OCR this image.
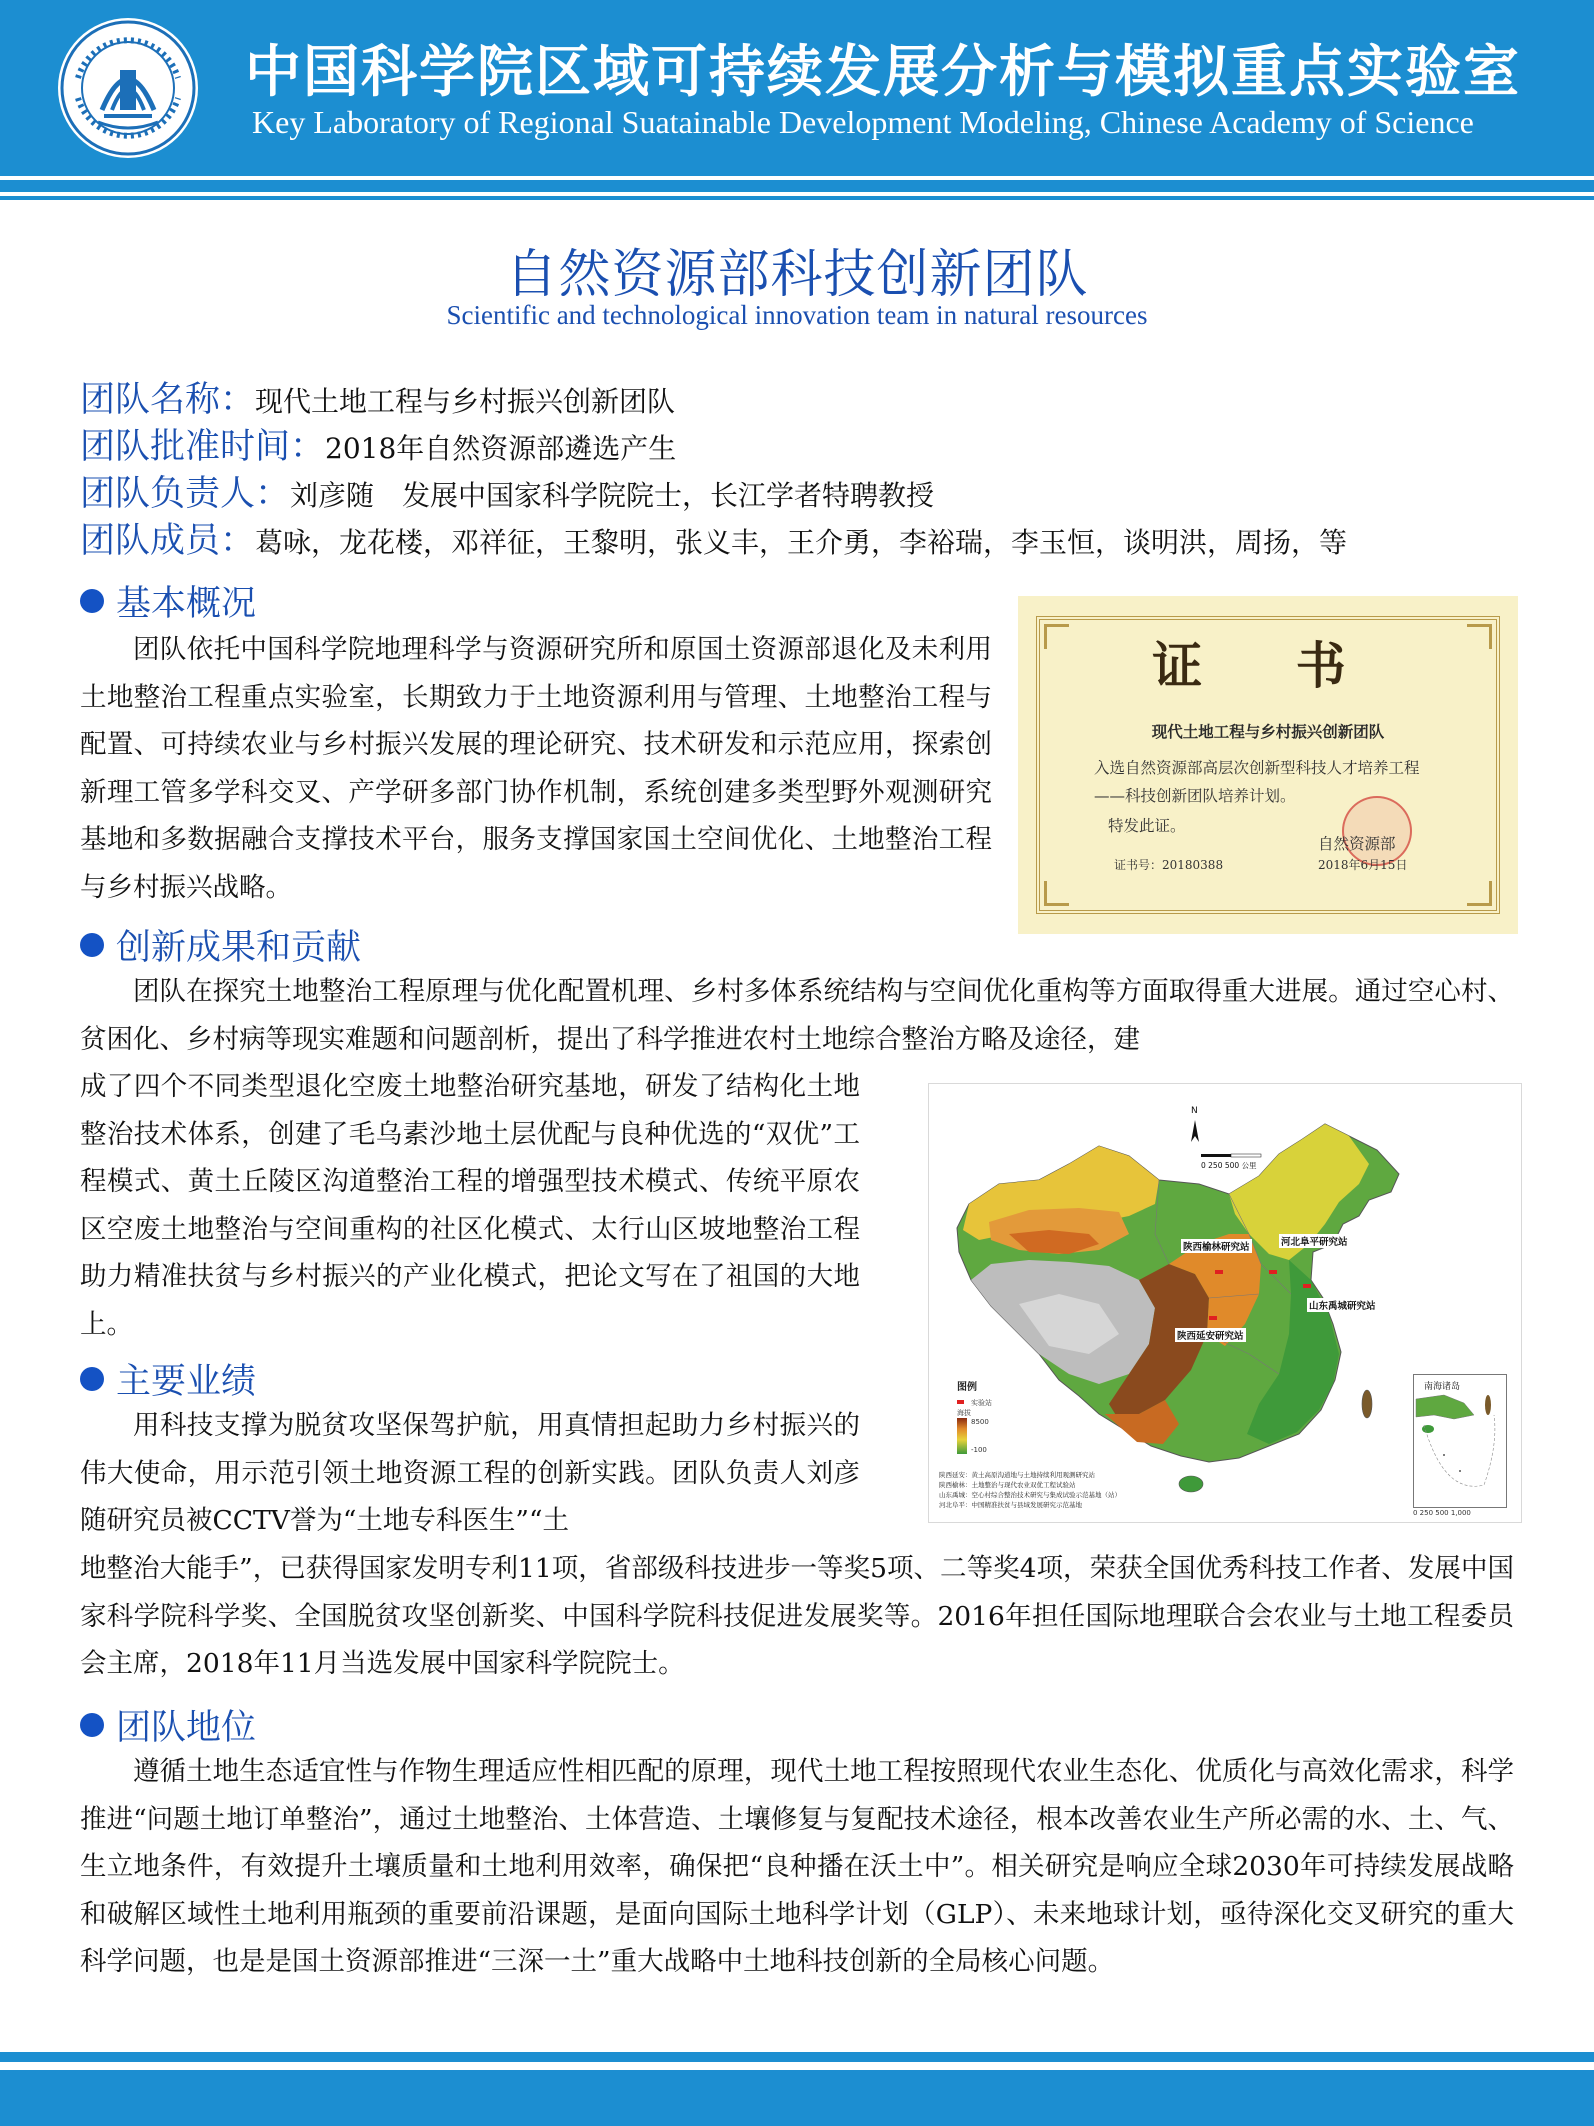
中国科学院区域可持续发展分析与模拟重点实验室
Key Laboratory of Regional Suatainable Development Modeling, Chinese Academy of Science
自然资源部科技创新团队
Scientific and technological innovation team in natural resources
团队名称：现代土地工程与乡村振兴创新团队
团队批准时间：2018年自然资源部遴选产生
团队负责人：刘彦随　发展中国家科学院院士，长江学者特聘教授
团队成员：葛咏，龙花楼，邓祥征，王黎明，张义丰，王介勇，李裕瑞，李玉恒，谈明洪，周扬，等
基本概况

团队依托中国科学院地理科学与资源研究所和原国土资源部退化及未利用土地整治工程重点实验室，长期致力于土地资源利用与管理、土地整治工程与配置、可持续农业与乡村振兴发展的理论研究、技术研发和示范应用，探索创新理工管多学科交叉、产学研多部门协作机制，系统创建多类型野外观测研究基地和多数据融合支撑技术平台，服务支撑国家国土空间优化、土地整治工程与乡村振兴战略。

证 书
现代土地工程与乡村振兴创新团队
入选自然资源部高层次创新型科技人才培养工程——科技创新团队培养计划。
特发此证。
自然资源部
证书号：20180388	2018年6月15日
创新成果和贡献

团队在探究土地整治工程原理与优化配置机理、乡村多体系统结构与空间优化重构等方面取得重大进展。通过空心村、贫困化、乡村病等现实难题和问题剖析，提出了科学推进农村土地综合整治方略及途径，建

成了四个不同类型退化空废土地整治研究基地，研发了结构化土地整治技术体系，创建了毛乌素沙地土层优配与良种优选的“双优”工程模式、黄土丘陵区沟道整治工程的增强型技术模式、传统平原农区空废土地整治与空间重构的社区化模式、太行山区坡地整治工程助力精准扶贫与乡村振兴的产业化模式，把论文写在了祖国的大地上。

N
0 250 500 公里
陕西榆林研究站
陕西延安研究站
河北阜平研究站
山东禹城研究站
图例
实验站
海拔
8500
-100
陕西延安：黄土高原沟道地与土地持续利用观测研究站
陕西榆林：土地整治与现代农业双优工程试验站
山东禹城：空心村综合整治技术研究与集成试验示范基地（站）
河北阜平：中国精准扶贫与县域发展研究示范基地
南海诸岛
0 250 500 1,000
主要业绩

用科技支撑为脱贫攻坚保驾护航，用真情担起助力乡村振兴的伟大使命，用示范引领土地资源工程的创新实践。团队负责人刘彦随研究员被CCTV誉为“土地专科医生”“土

地整治大能手”，已获得国家发明专利11项，省部级科技进步一等奖5项、二等奖4项，荣获全国优秀科技工作者、发展中国家科学院科学奖、全国脱贫攻坚创新奖、中国科学院科技促进发展奖等。2016年担任国际地理联合会农业与土地工程委员会主席，2018年11月当选发展中国家科学院院士。

团队地位

遵循土地生态适宜性与作物生理适应性相匹配的原理，现代土地工程按照现代农业生态化、优质化与高效化需求，科学推进“问题土地订单整治”，通过土地整治、土体营造、土壤修复与复配技术途径，根本改善农业生产所必需的水、土、气、生立地条件，有效提升土壤质量和土地利用效率，确保把“良种播在沃土中”。相关研究是响应全球2030年可持续发展战略和破解区域性土地利用瓶颈的重要前沿课题，是面向国际土地科学计划（GLP）、未来地球计划，亟待深化交叉研究的重大科学问题，也是是国土资源部推进“三深一土”重大战略中土地科技创新的全局核心问题。
